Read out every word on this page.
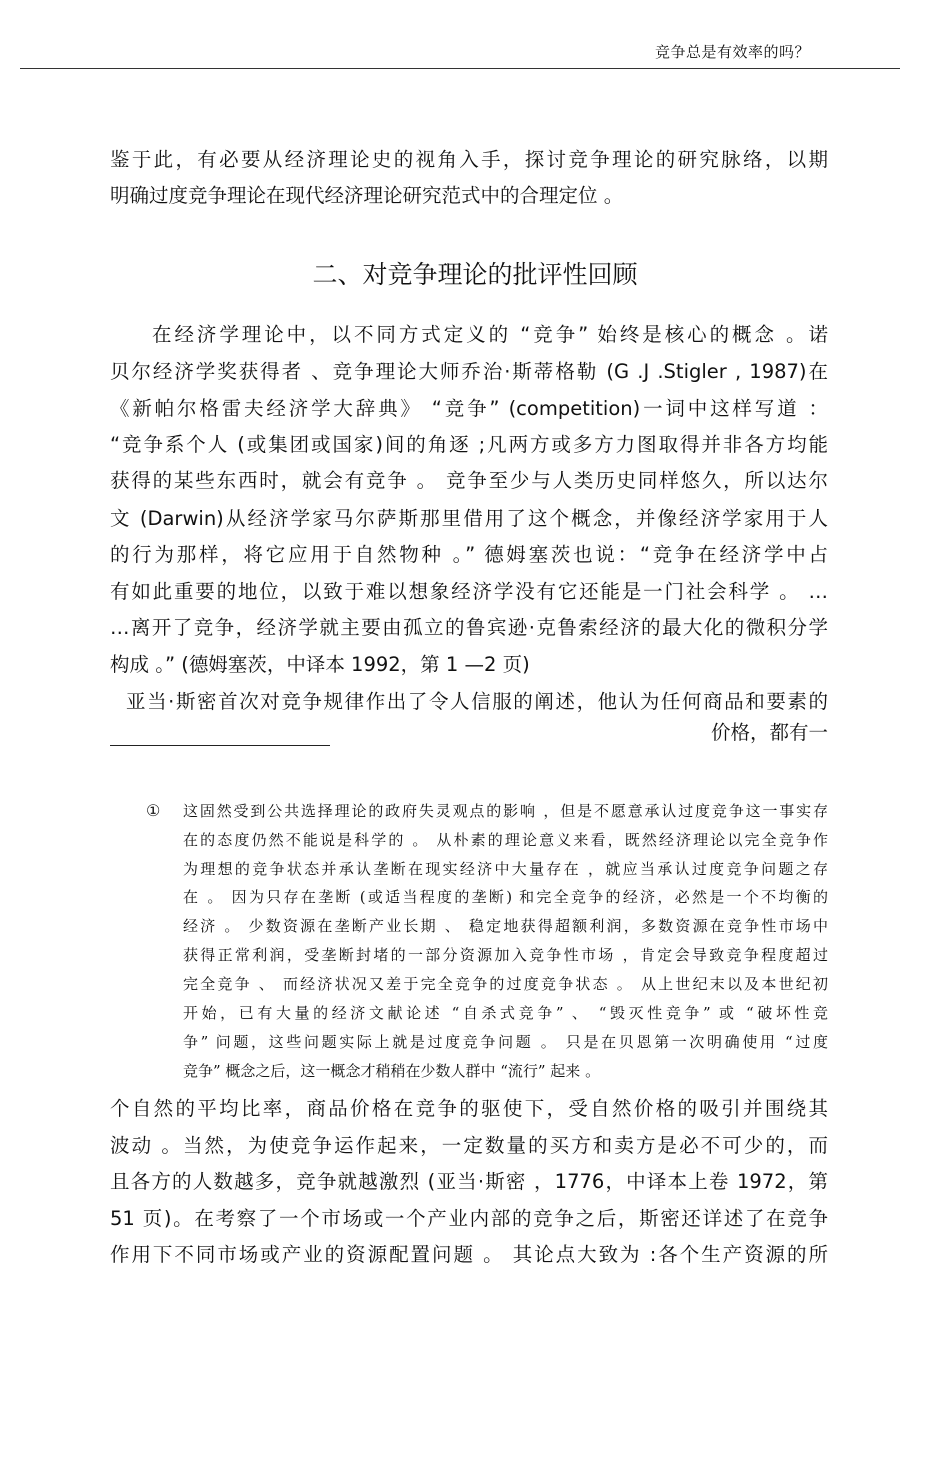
竞争总是有效率的吗？
鉴于此，有必要从经济理论史的视角入手，探讨竞争理论的研究脉络，以期
明确过度竞争理论在现代经济理论研究范式中的合理定位 。
二、对竞争理论的批评性回顾
在经济学理论中，以不同方式定义的 “竞争” 始终是核心的概念 。诺
贝尔经济学奖获得者 、竞争理论大师乔治·斯蒂格勒 (G .J .Stigler , 1987)在
《新帕尔格雷夫经济学大辞典》 “竞争” (competition)一词中这样写道 ：
“竞争系个人 (或集团或国家)间的角逐 ;凡两方或多方力图取得并非各方均能
获得的某些东西时，就会有竞争 。 竞争至少与人类历史同样悠久，所以达尔
文 (Darwin)从经济学家马尔萨斯那里借用了这个概念，并像经济学家用于人
的行为那样，将它应用于自然物种 。” 德姆塞茨也说：“竞争在经济学中占
有如此重要的地位，以致于难以想象经济学没有它还能是一门社会科学 。 …
…离开了竞争，经济学就主要由孤立的鲁宾逊·克鲁索经济的最大化的微积分学
构成 。” (德姆塞茨，中译本 1992，第 1 —2 页)
亚当·斯密首次对竞争规律作出了令人信服的阐述，他认为任何商品和要素的
价格，都有一
① 这固然受到公共选择理论的政府失灵观点的影响 ，但是不愿意承认过度竞争这一事实存
在的态度仍然不能说是科学的 。 从朴素的理论意义来看，既然经济理论以完全竞争作
为理想的竞争状态并承认垄断在现实经济中大量存在 ，就应当承认过度竞争问题之存
在 。 因为只存在垄断 (或适当程度的垄断) 和完全竞争的经济，必然是一个不均衡的
经济 。 少数资源在垄断产业长期 、 稳定地获得超额利润，多数资源在竞争性市场中
获得正常利润，受垄断封堵的一部分资源加入竞争性市场 ，肯定会导致竞争程度超过
完全竞争 、 而经济状况又差于完全竞争的过度竞争状态 。 从上世纪末以及本世纪初
开始，已有大量的经济文献论述 “自杀式竞争” 、 “毁灭性竞争” 或 “破坏性竞
争” 问题，这些问题实际上就是过度竞争问题 。 只是在贝恩第一次明确使用 “过度
竞争” 概念之后，这一概念才稍稍在少数人群中 “流行” 起来 。
个自然的平均比率，商品价格在竞争的驱使下，受自然价格的吸引并围绕其
波动 。当然，为使竞争运作起来，一定数量的买方和卖方是必不可少的，而
且各方的人数越多，竞争就越激烈 (亚当·斯密 ，1776，中译本上卷 1972，第
51 页)。在考察了一个市场或一个产业内部的竞争之后，斯密还详述了在竞争
作用下不同市场或产业的资源配置问题 。 其论点大致为 :各个生产资源的所
